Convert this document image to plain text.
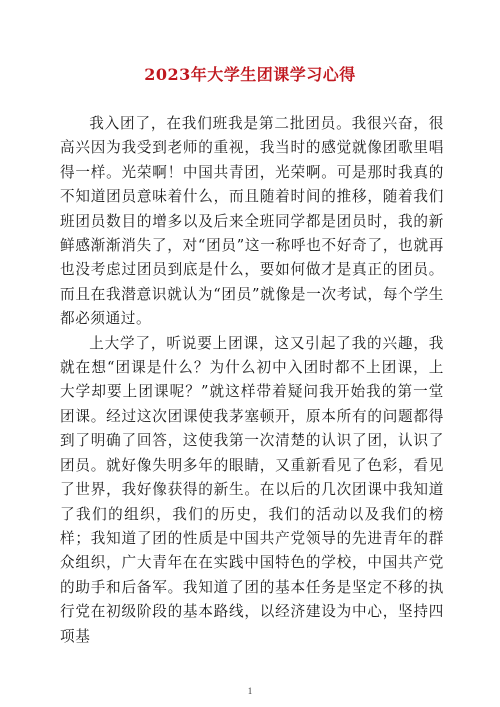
2023年大学生团课学习心得

我入团了，在我们班我是第二批团员。我很兴奋，很高兴因为我受到老师的重视，我当时的感觉就像团歌里唱得一样。光荣啊！中国共青团，光荣啊。可是那时我真的不知道团员意味着什么，而且随着时间的推移，随着我们班团员数目的增多以及后来全班同学都是团员时，我的新鲜感渐渐消失了，对“团员”这一称呼也不好奇了，也就再也没考虑过团员到底是什么，要如何做才是真正的团员。而且在我潜意识就认为“团员”就像是一次考试，每个学生都必须通过。

上大学了，听说要上团课，这又引起了我的兴趣，我就在想“团课是什么？为什么初中入团时都不上团课，上大学却要上团课呢？”就这样带着疑问我开始我的第一堂团课。经过这次团课使我茅塞顿开，原本所有的问题都得到了明确了回答，这使我第一次清楚的认识了团，认识了团员。就好像失明多年的眼睛，又重新看见了色彩，看见了世界，我好像获得的新生。在以后的几次团课中我知道了我们的组织，我们的历史，我们的活动以及我们的榜样；我知道了团的性质是中国共产党领导的先进青年的群众组织，广大青年在在实践中国特色的学校，中国共产党的助手和后备军。我知道了团的基本任务是坚定不移的执行党在初级阶段的基本路线，以经济建设为中心，坚持四项基

1
